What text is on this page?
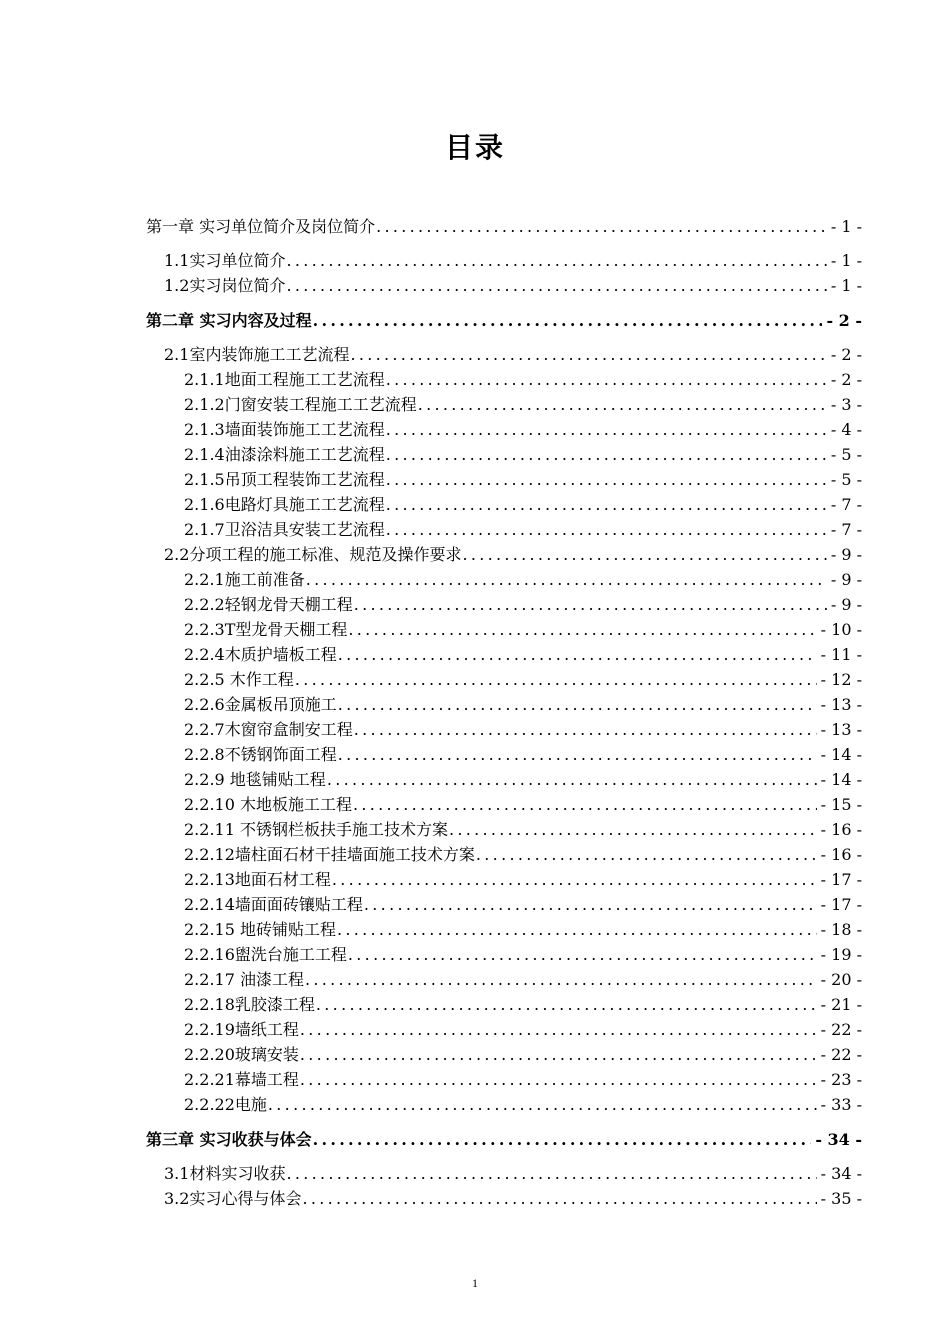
目录
第一章 实习单位简介及岗位简介 .....	- 1 -
1.1实习单位简介 .....	- 1 -
1.2实习岗位简介 .....	- 1 -
第二章 实习内容及过程 .....	- 2 -
2.1室内装饰施工工艺流程 .....	- 2 -
2.1.1地面工程施工工艺流程 .....	- 2 -
2.1.2门窗安装工程施工工艺流程 .....	- 3 -
2.1.3墙面装饰施工工艺流程 .....	- 4 -
2.1.4油漆涂料施工工艺流程 .....	- 5 -
2.1.5吊顶工程装饰工艺流程 .....	- 5 -
2.1.6电路灯具施工工艺流程 .....	- 7 -
2.1.7卫浴洁具安装工艺流程 .....	- 7 -
2.2分项工程的施工标准、规范及操作要求 .....	- 9 -
2.2.1施工前准备 .....	- 9 -
2.2.2轻钢龙骨天棚工程 .....	- 9 -
2.2.3T型龙骨天棚工程 .....	- 10 -
2.2.4木质护墙板工程 .....	- 11 -
2.2.5 木作工程 .....	- 12 -
2.2.6金属板吊顶施工 .....	- 13 -
2.2.7木窗帘盒制安工程 .....	- 13 -
2.2.8不锈钢饰面工程 .....	- 14 -
2.2.9 地毯铺贴工程 .....	- 14 -
2.2.10 木地板施工工程 .....	- 15 -
2.2.11 不锈钢栏板扶手施工技术方案 .....	- 16 -
2.2.12墙柱面石材干挂墙面施工技术方案 .....	- 16 -
2.2.13地面石材工程 .....	- 17 -
2.2.14墙面面砖镶贴工程 .....	- 17 -
2.2.15 地砖铺贴工程 .....	- 18 -
2.2.16盥洗台施工工程 .....	- 19 -
2.2.17 油漆工程 .....	- 20 -
2.2.18乳胶漆工程 .....	- 21 -
2.2.19墙纸工程 .....	- 22 -
2.2.20玻璃安装 .....	- 22 -
2.2.21幕墙工程 .....	- 23 -
2.2.22电施 .....	- 33 -
第三章 实习收获与体会 .....	- 34 -
3.1材料实习收获 .....	- 34 -
3.2实习心得与体会 .....	- 35 -
1
